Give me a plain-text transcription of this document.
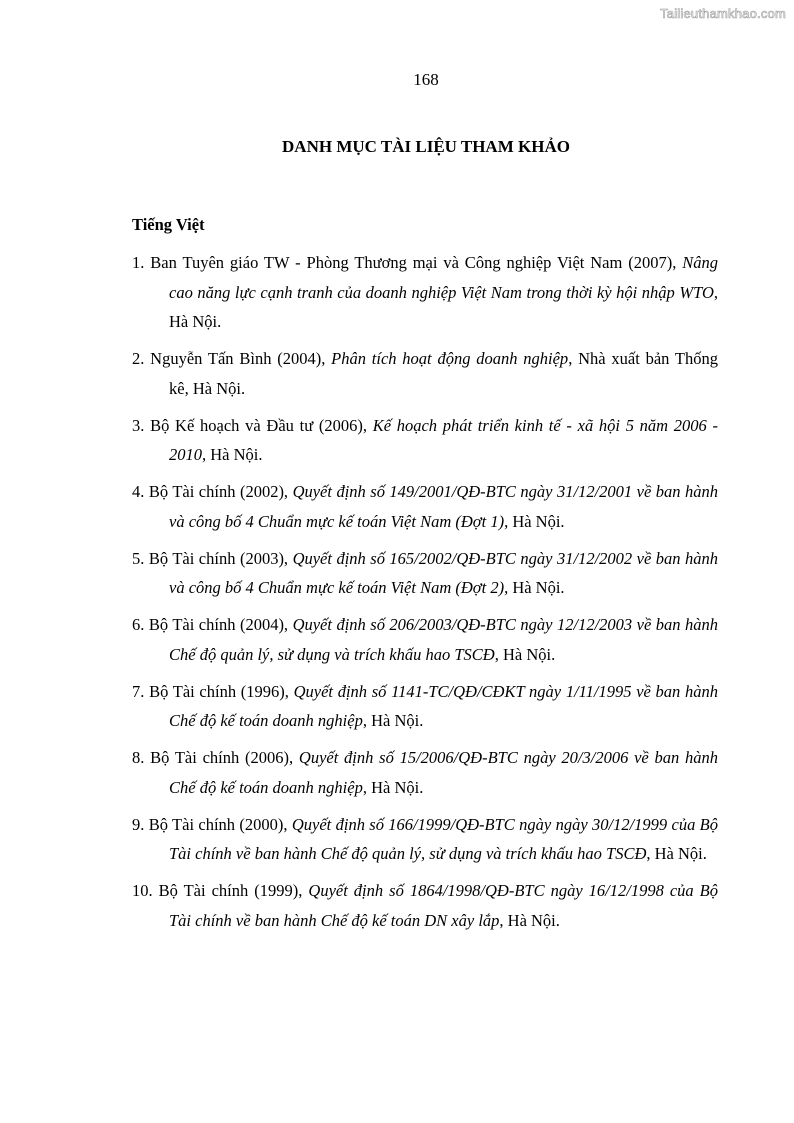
Tailieuthamkhao.com
168
DANH MỤC TÀI LIỆU THAM KHẢO
Tiếng Việt
1. Ban Tuyên giáo TW - Phòng Thương mại và Công nghiệp Việt Nam (2007), Nâng cao năng lực cạnh tranh của doanh nghiệp Việt Nam trong thời kỳ hội nhập WTO, Hà Nội.
2. Nguyễn Tấn Bình (2004), Phân tích hoạt động doanh nghiệp, Nhà xuất bản Thống kê, Hà Nội.
3. Bộ Kế hoạch và Đầu tư (2006), Kế hoạch phát triển kinh tế - xã hội 5 năm 2006 - 2010, Hà Nội.
4. Bộ Tài chính (2002), Quyết định số 149/2001/QĐ-BTC ngày 31/12/2001 về ban hành và công bố 4 Chuẩn mực kế toán Việt Nam (Đợt 1), Hà Nội.
5. Bộ Tài chính (2003), Quyết định số 165/2002/QĐ-BTC ngày 31/12/2002 về ban hành và công bố 4 Chuẩn mực kế toán Việt Nam (Đợt 2), Hà Nội.
6. Bộ Tài chính (2004), Quyết định số 206/2003/QĐ-BTC ngày 12/12/2003 về ban hành Chế độ quản lý, sử dụng và trích khấu hao TSCĐ, Hà Nội.
7. Bộ Tài chính (1996), Quyết định số 1141-TC/QĐ/CĐKT ngày 1/11/1995 về ban hành Chế độ kế toán doanh nghiệp, Hà Nội.
8. Bộ Tài chính (2006), Quyết định số 15/2006/QĐ-BTC ngày 20/3/2006 về ban hành Chế độ kế toán doanh nghiệp, Hà Nội.
9. Bộ Tài chính (2000), Quyết định số 166/1999/QĐ-BTC ngày ngày 30/12/1999 của Bộ Tài chính về ban hành Chế độ quản lý, sử dụng và trích khấu hao TSCĐ, Hà Nội.
10. Bộ Tài chính (1999), Quyết định số 1864/1998/QĐ-BTC ngày 16/12/1998 của Bộ Tài chính về ban hành Chế độ kế toán DN xây lắp, Hà Nội.
